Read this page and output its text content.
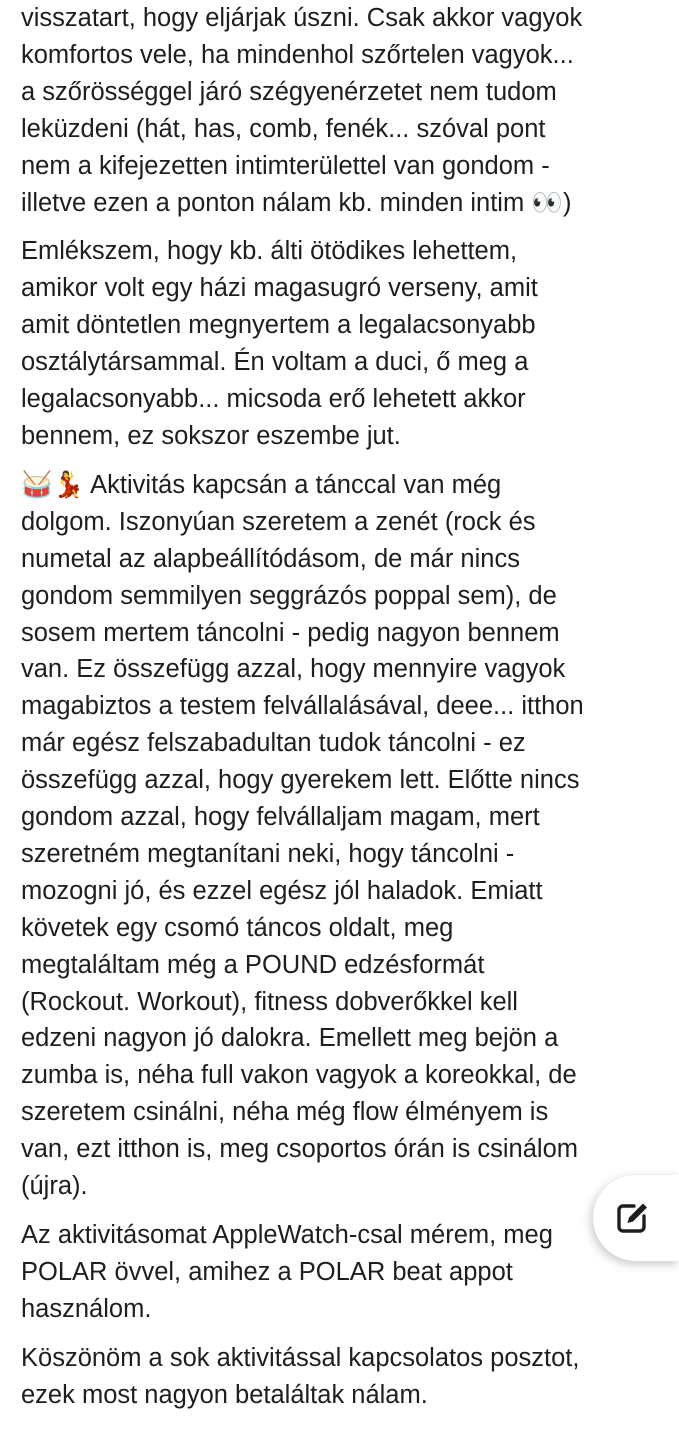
visszatart, hogy eljárjak úszni. Csak akkor vagyok
komfortos vele, ha mindenhol szőrtelen vagyok...
a szőrösséggel járó szégyenérzetet nem tudom
leküzdeni (hát, has, comb, fenék... szóval pont
nem a kifejezetten intimterülettel van gondom -
illetve ezen a ponton nálam kb. minden intim 👀)
Emlékszem, hogy kb. álti ötödikes lehettem,
amikor volt egy házi magasugró verseny, amit
amit döntetlen megnyertem a legalacsonyabb
osztálytársammal. Én voltam a duci, ő meg a
legalacsonyabb... micsoda erő lehetett akkor
bennem, ez sokszor eszembe jut.
🥁💃 Aktivitás kapcsán a tánccal van még
dolgom. Iszonyúan szeretem a zenét (rock és
numetal az alapbeállítódásom, de már nincs
gondom semmilyen seggrázós poppal sem), de
sosem mertem táncolni - pedig nagyon bennem
van. Ez összefügg azzal, hogy mennyire vagyok
magabiztos a testem felvállalásával, deee... itthon
már egész felszabadultan tudok táncolni - ez
összefügg azzal, hogy gyerekem lett. Előtte nincs
gondom azzal, hogy felvállaljam magam, mert
szeretném megtanítani neki, hogy táncolni -
mozogni jó, és ezzel egész jól haladok. Emiatt
követek egy csomó táncos oldalt, meg
megtaláltam még a POUND edzésformát
(Rockout. Workout), fitness dobverőkkel kell
edzeni nagyon jó dalokra. Emellett meg bejön a
zumba is, néha full vakon vagyok a koreokkal, de
szeretem csinálni, néha még flow élményem is
van, ezt itthon is, meg csoportos órán is csinálom
(újra).
Az aktivitásomat AppleWatch-csal mérem, meg
POLAR övvel, amihez a POLAR beat appot
használom.
Köszönöm a sok aktivitással kapcsolatos posztot,
ezek most nagyon betaláltak nálam.
